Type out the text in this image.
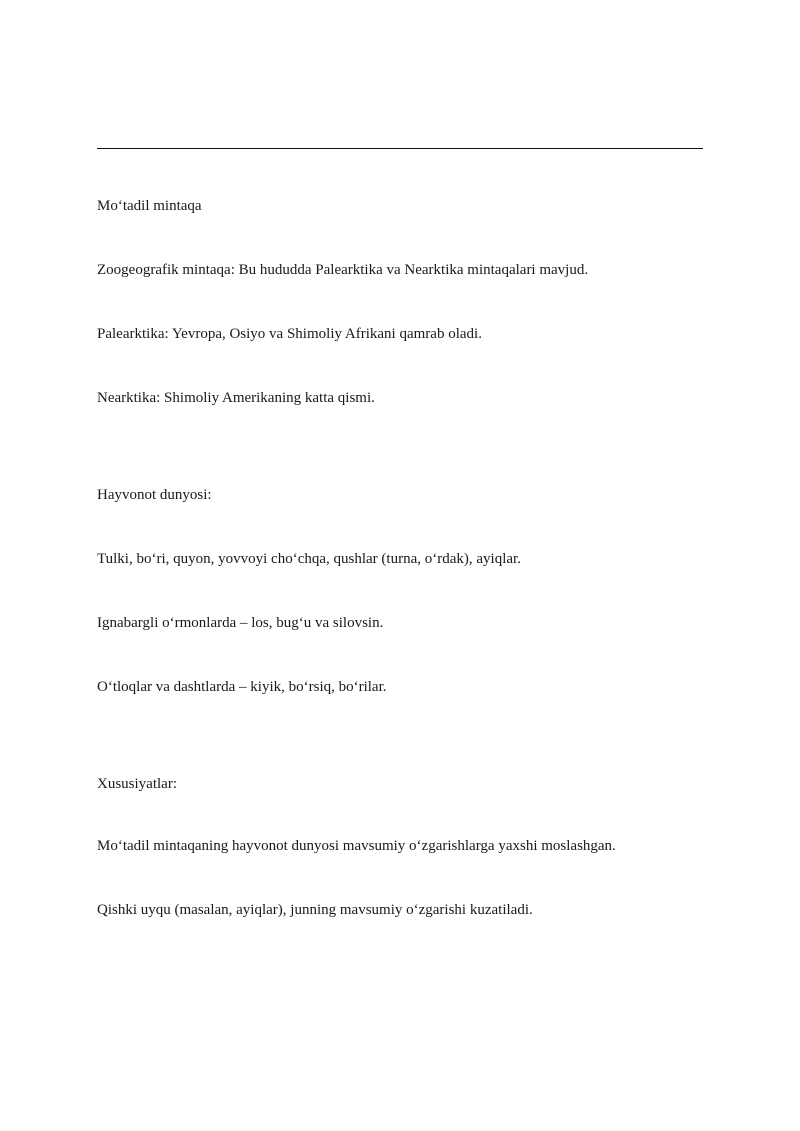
Moʻtadil mintaqa
Zoogeografik mintaqa: Bu hududda Palearktika va Nearktika mintaqalari mavjud.
Palearktika: Yevropa, Osiyo va Shimoliy Afrikani qamrab oladi.
Nearktika: Shimoliy Amerikaning katta qismi.
Hayvonot dunyosi:
Tulki, boʻri, quyon, yovvoyi choʻchqa, qushlar (turna, oʻrdak), ayiqlar.
Ignabargli oʻrmonlarda – los, bugʻu va silovsin.
Oʻtloqlar va dashtlarda – kiyik, boʻrsiq, boʻrilar.
Xususiyatlar:
Moʻtadil mintaqaning hayvonot dunyosi mavsumiy oʻzgarishlarga yaxshi moslashgan.
Qishki uyqu (masalan, ayiqlar), junning mavsumiy oʻzgarishi kuzatiladi.
